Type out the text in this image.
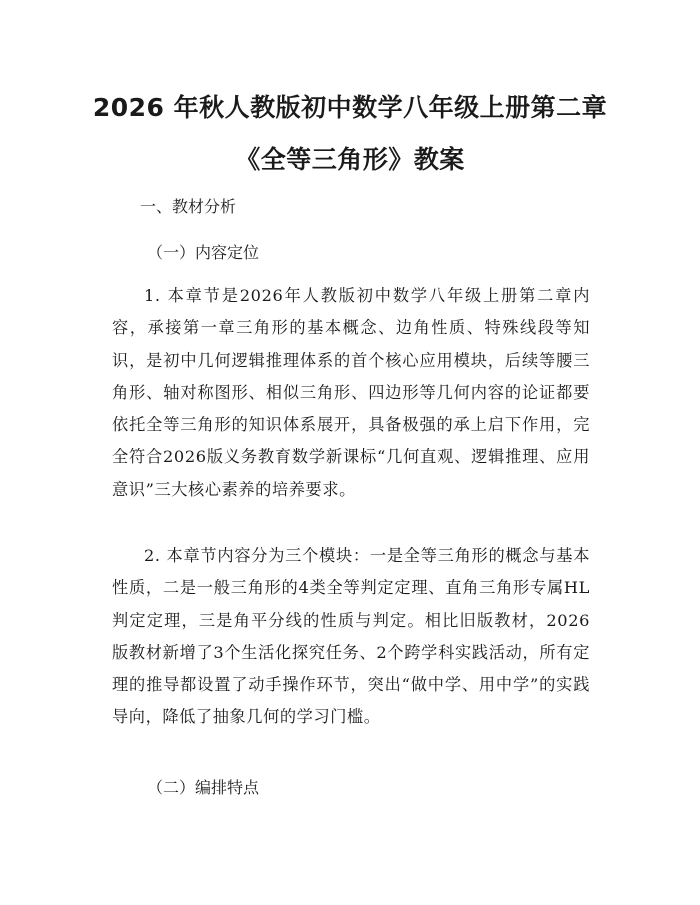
2026 年秋人教版初中数学八年级上册第二章
《全等三角形》教案
一、教材分析
（一）内容定位
1. 本章节是2026年人教版初中数学八年级上册第二章内容，承接第一章三角形的基本概念、边角性质、特殊线段等知识，是初中几何逻辑推理体系的首个核心应用模块，后续等腰三角形、轴对称图形、相似三角形、四边形等几何内容的论证都要依托全等三角形的知识体系展开，具备极强的承上启下作用，完全符合2026版义务教育数学新课标“几何直观、逻辑推理、应用意识”三大核心素养的培养要求。
2. 本章节内容分为三个模块：一是全等三角形的概念与基本性质，二是一般三角形的4类全等判定定理、直角三角形专属HL判定定理，三是角平分线的性质与判定。相比旧版教材，2026版教材新增了3个生活化探究任务、2个跨学科实践活动，所有定理的推导都设置了动手操作环节，突出“做中学、用中学”的实践导向，降低了抽象几何的学习门槛。
（二）编排特点
